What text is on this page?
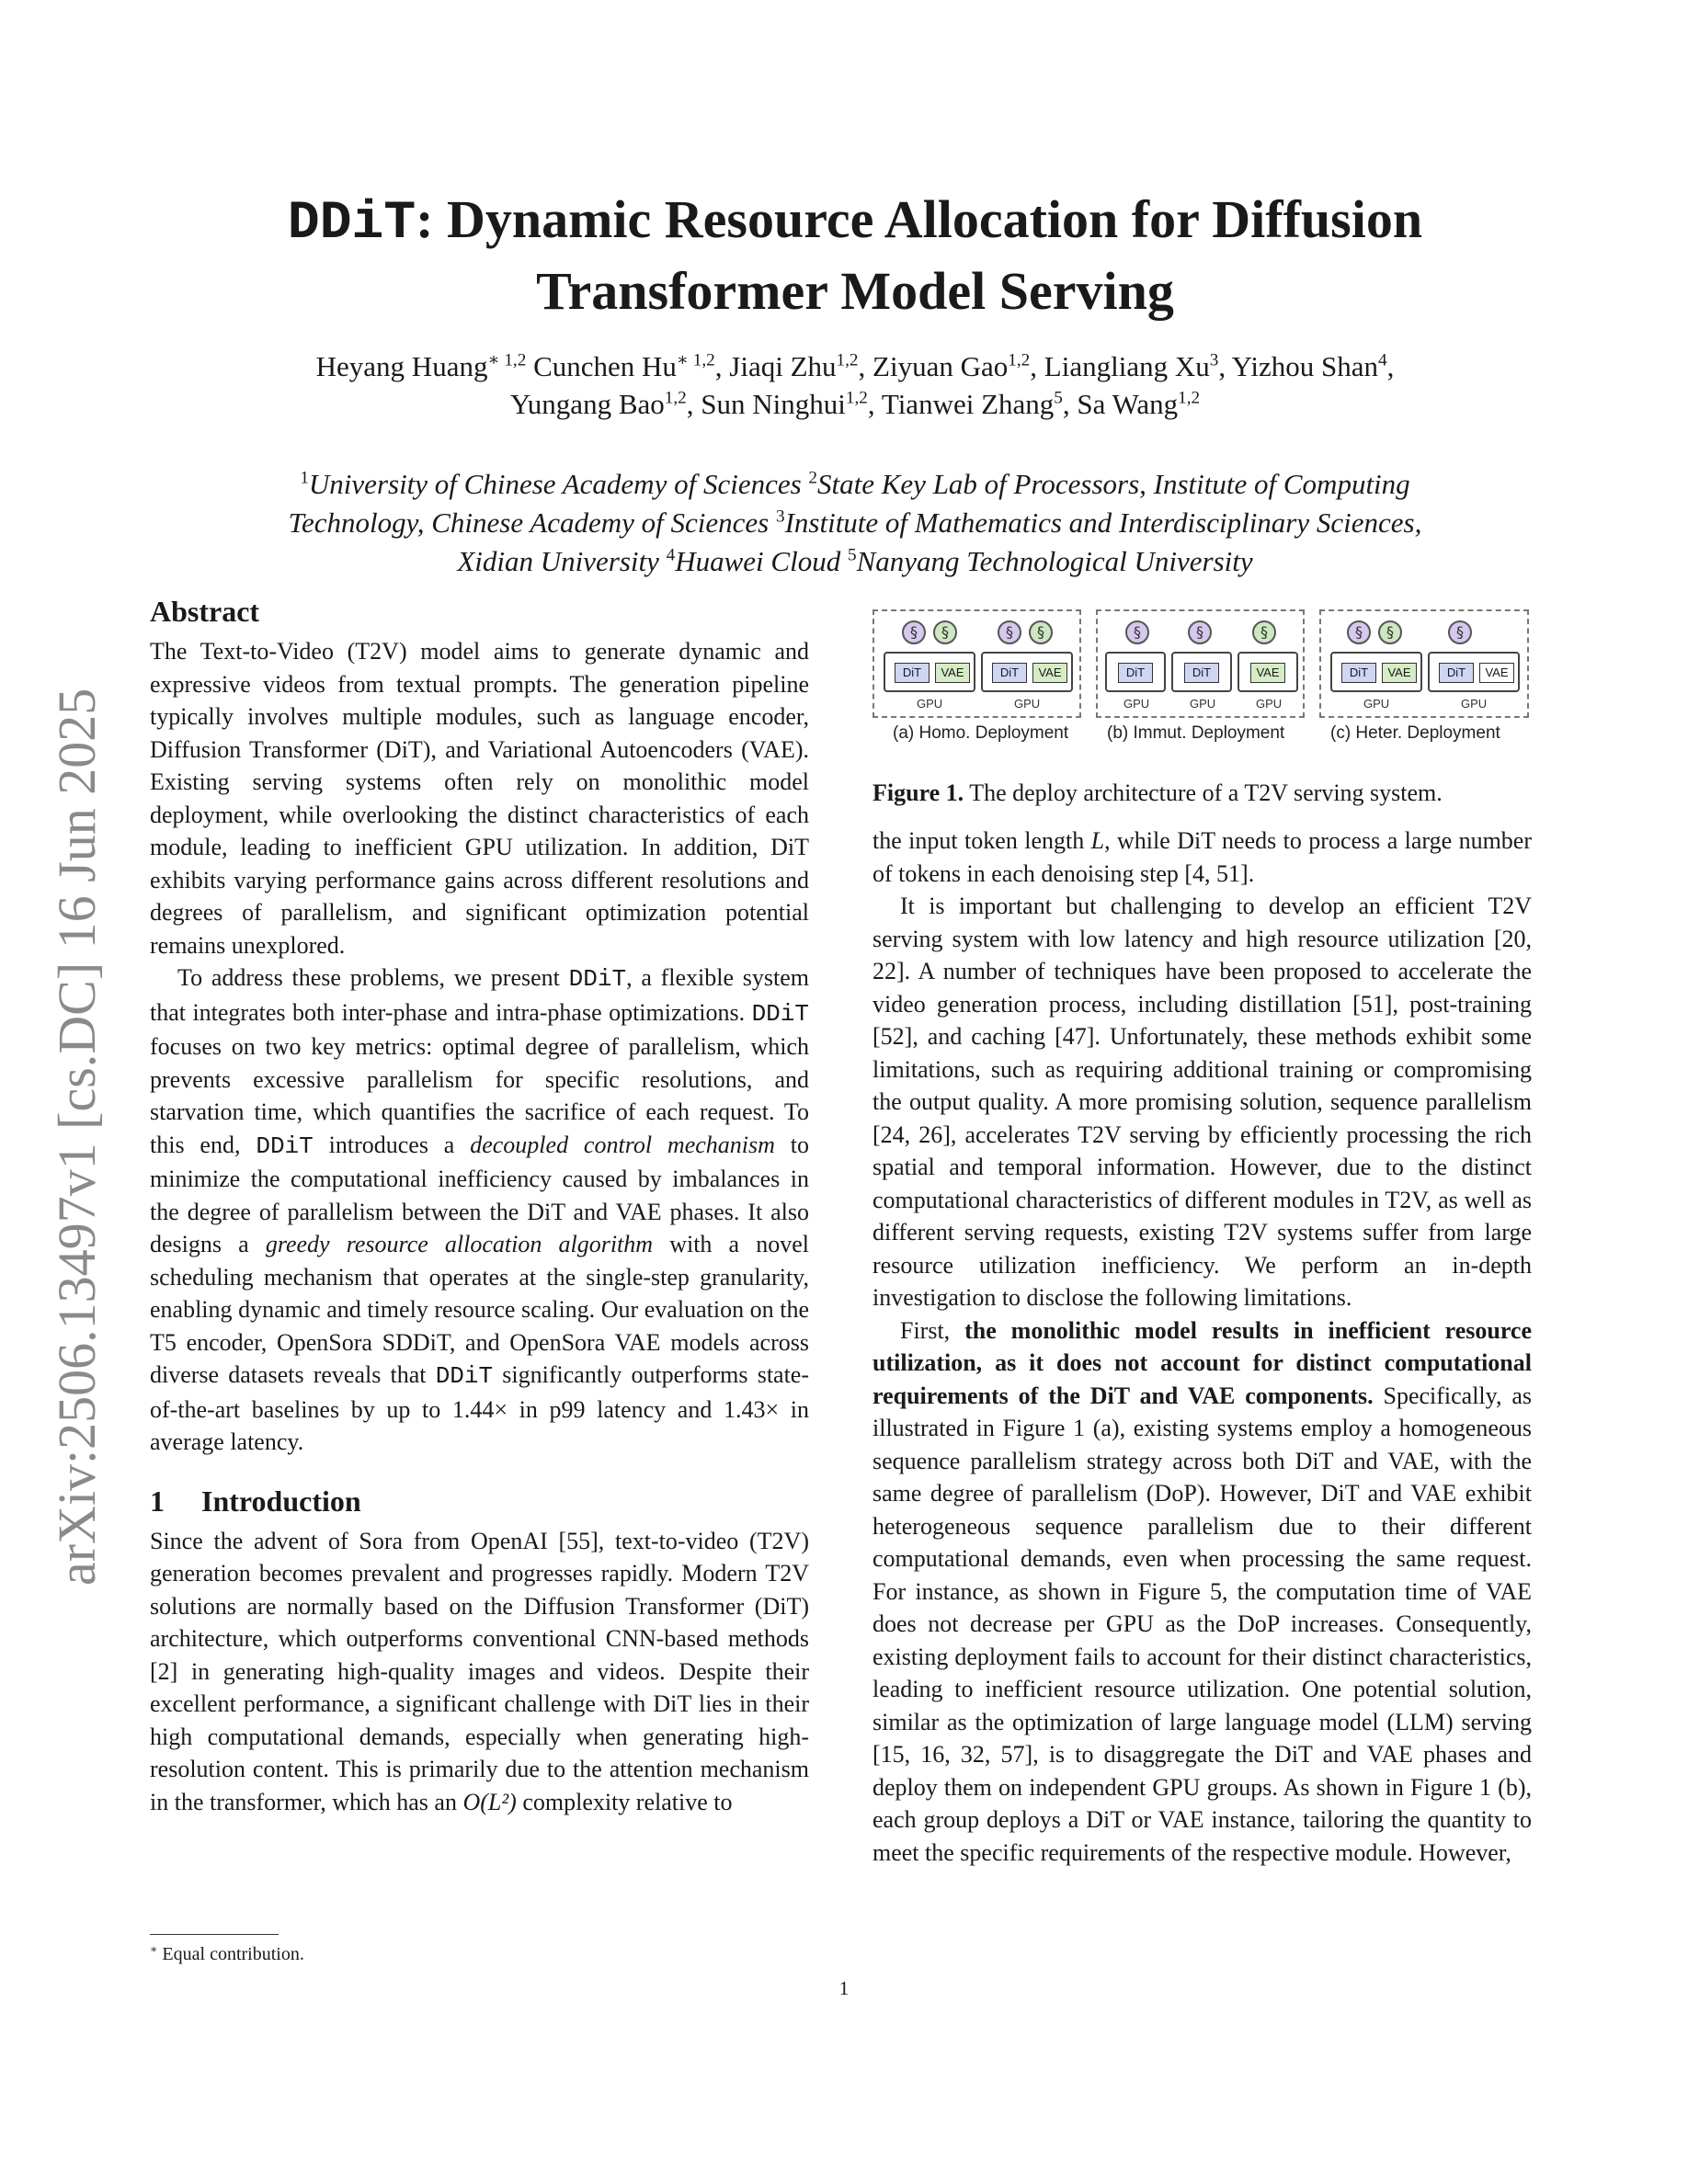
arXiv:2506.13497v1 [cs.DC] 16 Jun 2025
DDiT: Dynamic Resource Allocation for Diffusion
Transformer Model Serving
Heyang Huang$^{∗ 1,2}$ Cunchen $Hu^{∗ 1,2}$, Jiaqi Zhu$^{1,2}$, Ziyuan Gao$^{1,2}$, Liangliang Xu$^3$, Yizhou Shan$^4$,
Yungang Bao$^{1,2}$, Sun Ninghui$^{1,2}$, Tianwei Zhang$^5$, Sa Wang$^{1,2}$
$^1$University of Chinese Academy of Sciences $^2$State Key Lab of Processors, Institute of Computing
Technology, Chinese Academy of Sciences $^3$Institute of Mathematics and Interdisciplinary Sciences,
Xidian University $^4$Huawei Cloud $^5$Nanyang Technological University
Abstract

The Text-to-Video (T2V) model aims to generate dynamic and expressive videos from textual prompts. The generation pipeline typically involves multiple modules, such as language encoder, Diffusion Transformer (DiT), and Variational Autoencoders (VAE). Existing serving systems often rely on monolithic model deployment, while overlooking the distinct characteristics of each module, leading to inefficient GPU utilization. In addition, DiT exhibits varying performance gains across different resolutions and degrees of parallelism, and significant optimization potential remains unexplored.

To address these problems, we present DDiT, a flexible system that integrates both inter-phase and intra-phase optimizations. DDiT focuses on two key metrics: optimal degree of parallelism, which prevents excessive parallelism for specific resolutions, and starvation time, which quantifies the sacrifice of each request. To this end, DDiT introduces a decoupled control mechanism to minimize the computational inefficiency caused by imbalances in the degree of parallelism between the DiT and VAE phases. It also designs a greedy resource allocation algorithm with a novel scheduling mechanism that operates at the single-step granularity, enabling dynamic and timely resource scaling. Our evaluation on the T5 encoder, OpenSora SDDiT, and OpenSora VAE models across diverse datasets reveals that DDiT significantly outperforms state-of-the-art baselines by up to 1.44× in p99 latency and 1.43× in average latency.

1 Introduction

Since the advent of Sora from OpenAI [55], text-to-video (T2V) generation becomes prevalent and progresses rapidly. Modern T2V solutions are normally based on the Diffusion Transformer (DiT) architecture, which outperforms conventional CNN-based methods [2] in generating high-quality images and videos. Despite their excellent performance, a significant challenge with DiT lies in their high computational demands, especially when generating high-resolution content. This is primarily due to the attention mechanism in the transformer, which has an O(L²) complexity relative to

§	§	§	§
DiT	VAE	DiT	VAE
GPU	GPU
§	§	§
DiT	DiT	VAE
GPU	GPU	GPU
§	§	§
DiT	VAE	DiT	VAE
GPU	GPU
(a) Homo. Deployment (b) Immut. Deployment	(c) Heter. Deployment
Figure 1. The deploy architecture of a T2V serving system.

the input token length L, while DiT needs to process a large number of tokens in each denoising step [4, 51].

It is important but challenging to develop an efficient T2V serving system with low latency and high resource utilization [20, 22]. A number of techniques have been proposed to accelerate the video generation process, including distillation [51], post-training [52], and caching [47]. Unfortunately, these methods exhibit some limitations, such as requiring additional training or compromising the output quality. A more promising solution, sequence parallelism [24, 26], accelerates T2V serving by efficiently processing the rich spatial and temporal information. However, due to the distinct computational characteristics of different modules in T2V, as well as different serving requests, existing T2V systems suffer from large resource utilization inefficiency. We perform an in-depth investigation to disclose the following limitations.

First, the monolithic model results in inefficient resource utilization, as it does not account for distinct computational requirements of the DiT and VAE components. Specifically, as illustrated in Figure 1 (a), existing systems employ a homogeneous sequence parallelism strategy across both DiT and VAE, with the same degree of parallelism (DoP). However, DiT and VAE exhibit heterogeneous sequence parallelism due to their different computational demands, even when processing the same request. For instance, as shown in Figure 5, the computation time of VAE does not decrease per GPU as the DoP increases. Consequently, existing deployment fails to account for their distinct characteristics, leading to inefficient resource utilization. One potential solution, similar as the optimization of large language model (LLM) serving [15, 16, 32, 57], is to disaggregate the DiT and VAE phases and deploy them on independent GPU groups. As shown in Figure 1 (b), each group deploys a DiT or VAE instance, tailoring the quantity to meet the specific requirements of the respective module. However,

∗ Equal contribution.
1
